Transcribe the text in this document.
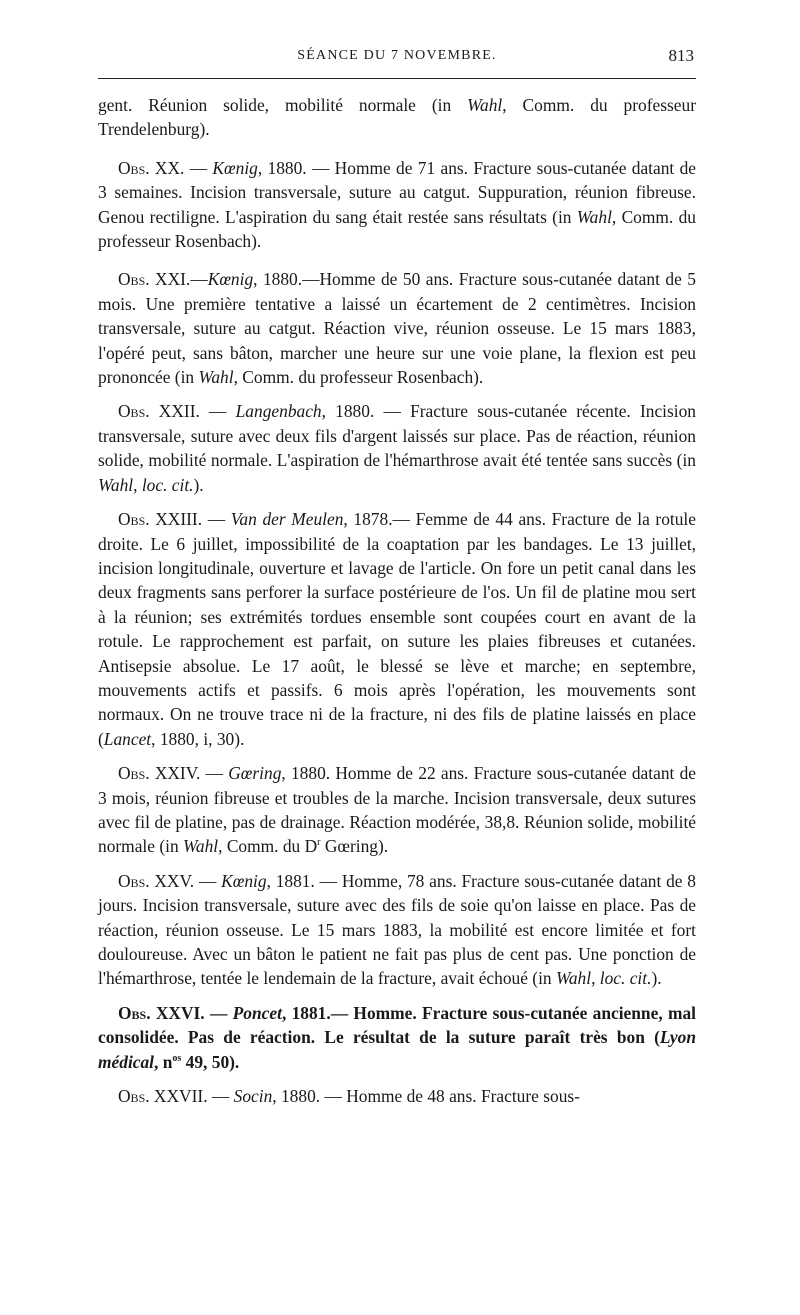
SÉANCE DU 7 NOVEMBRE.	813

gent. Réunion solide, mobilité normale (in Wahl, Comm. du professeur Trendelenburg).

Obs. XX. — Kœnig, 1880. — Homme de 71 ans. Fracture sous-cutanée datant de 3 semaines. Incision transversale, suture au catgut. Suppuration, réunion fibreuse. Genou rectiligne. L'aspiration du sang était restée sans résultats (in Wahl, Comm. du professeur Rosenbach).

Obs. XXI.—Kœnig, 1880.—Homme de 50 ans. Fracture sous-cutanée datant de 5 mois. Une première tentative a laissé un écartement de 2 centimètres. Incision transversale, suture au catgut. Réaction vive, réunion osseuse. Le 15 mars 1883, l'opéré peut, sans bâton, marcher une heure sur une voie plane, la flexion est peu prononcée (in Wahl, Comm. du professeur Rosenbach).

Obs. XXII. — Langenbach, 1880. — Fracture sous-cutanée récente. Incision transversale, suture avec deux fils d'argent laissés sur place. Pas de réaction, réunion solide, mobilité normale. L'aspiration de l'hémarthrose avait été tentée sans succès (in Wahl, loc. cit.).

Obs. XXIII. — Van der Meulen, 1878.— Femme de 44 ans. Fracture de la rotule droite. Le 6 juillet, impossibilité de la coaptation par les bandages. Le 13 juillet, incision longitudinale, ouverture et lavage de l'article. On fore un petit canal dans les deux fragments sans perforer la surface postérieure de l'os. Un fil de platine mou sert à la réunion; ses extrémités tordues ensemble sont coupées court en avant de la rotule. Le rapprochement est parfait, on suture les plaies fibreuses et cutanées. Antisepsie absolue. Le 17 août, le blessé se lève et marche; en septembre, mouvements actifs et passifs. 6 mois après l'opération, les mouvements sont normaux. On ne trouve trace ni de la fracture, ni des fils de platine laissés en place (Lancet, 1880, i, 30).

Obs. XXIV. — Gœring, 1880. Homme de 22 ans. Fracture sous-cutanée datant de 3 mois, réunion fibreuse et troubles de la marche. Incision transversale, deux sutures avec fil de platine, pas de drainage. Réaction modérée, 38,8. Réunion solide, mobilité normale (in Wahl, Comm. du $D^r$ Gœring).

Obs. XXV. — Kœnig, 1881. — Homme, 78 ans. Fracture sous-cutanée datant de 8 jours. Incision transversale, suture avec des fils de soie qu'on laisse en place. Pas de réaction, réunion osseuse. Le 15 mars 1883, la mobilité est encore limitée et fort douloureuse. Avec un bâton le patient ne fait pas plus de cent pas. Une ponction de l'hémarthrose, tentée le lendemain de la fracture, avait échoué (in Wahl, loc. cit.).

Obs. XXVI. — Poncet, 1881.— Homme. Fracture sous-cutanée ancienne, mal consolidée. Pas de réaction. Le résultat de la suture paraît très bon (Lyon médical, $n^{os}$ 49, 50).

Obs. XXVII. — Socin, 1880. — Homme de 48 ans. Fracture sous-
